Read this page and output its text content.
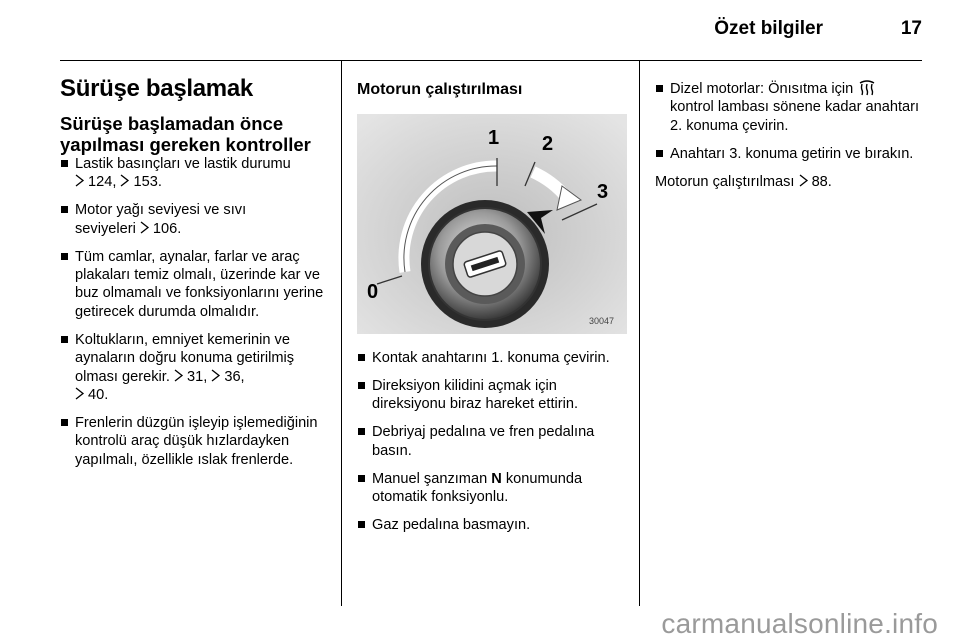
Özet bilgiler	17
Sürüşe başlamak
Sürüşe başlamadan önce
yapılması gereken kontroller
Lastik basınçları ve lastik durumu
124, 153.
Motor yağı seviyesi ve sıvı
seviyeleri 106.
Tüm camlar, aynalar, farlar ve araç plakaları temiz olmalı, üzerinde kar ve buz olmamalı ve fonksiyonlarını yerine getirecek durumda olmalıdır.
Koltukların, emniyet kemerinin ve aynaların doğru konuma getirilmiş olması gerekir. 31, 36,
40.
Frenlerin düzgün işleyip işlemediğinin kontrolü araç düşük hızlardayken yapılmalı, özellikle ıslak frenlerde.
Motorun çalıştırılması
0
1 2
3
30047
Kontak anahtarını 1. konuma çevirin.
Direksiyon kilidini açmak için direksiyonu biraz hareket ettirin.
Debriyaj pedalına ve fren pedalına basın.
Manuel şanzıman N konumunda otomatik fonksiyonlu.
Gaz pedalına basmayın.
Dizel motorlar: Önısıtma için  kontrol lambası sönene kadar anahtarı 2. konuma çevirin.
Anahtarı 3. konuma getirin ve bırakın.
Motorun çalıştırılması 88.
carmanualsonline.info
